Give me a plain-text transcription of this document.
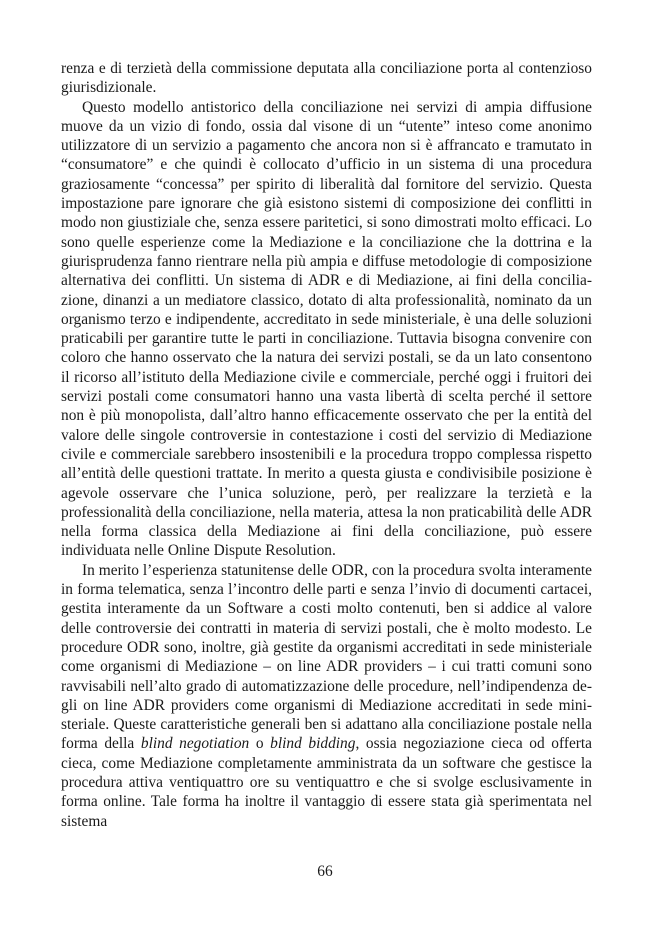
renza e di terzietà della commissione deputata alla conciliazione porta al contenzioso giurisdizionale.

Questo modello antistorico della conciliazione nei servizi di ampia diffusione muove da un vizio di fondo, ossia dal visone di un “utente” inteso come anonimo utilizzatore di un servizio a pagamento che ancora non si è affrancato e tramutato in “consumatore” e che quindi è collocato d’ufficio in un sistema di una procedura graziosamente “concessa” per spirito di liberalità dal fornitore del servizio. Questa impostazione pare ignorare che già esistono sistemi di composizione dei conflitti in modo non giustiziale che, senza essere paritetici, si sono dimostrati molto efficaci. Lo sono quelle esperienze come la Mediazione e la conciliazione che la dottrina e la giurisprudenza fanno rientrare nella più ampia e diffuse metodologie di composizione alternativa dei conflitti. Un sistema di ADR e di Mediazione, ai fini della conciliazione, dinanzi a un mediatore classico, dotato di alta professionalità, nominato da un organismo terzo e indipendente, accreditato in sede ministeriale, è una delle soluzioni praticabili per garantire tutte le parti in conciliazione. Tuttavia bisogna convenire con coloro che hanno osservato che la natura dei servizi postali, se da un lato consentono il ricorso all’istituto della Mediazione civile e commerciale, perché oggi i fruitori dei servizi postali come consumatori hanno una vasta libertà di scelta perché il settore non è più monopolista, dall’altro hanno efficacemente osservato che per la entità del valore delle singole controversie in contestazione i costi del servizio di Mediazione civile e commerciale sarebbero insostenibili e la procedura troppo complessa rispetto all’entità delle questioni trattate. In merito a questa giusta e condivisibile posizione è agevole osservare che l’unica soluzione, però, per realizzare la terzietà e la professionalità della conciliazione, nella materia, attesa la non praticabilità delle ADR nella forma classica della Mediazione ai fini della conciliazione, può essere individuata nelle Online Dispute Resolution.

In merito l’esperienza statunitense delle ODR, con la procedura svolta interamente in forma telematica, senza l’incontro delle parti e senza l’invio di documenti cartacei, gestita interamente da un Software a costi molto contenuti, ben si addice al valore delle controversie dei contratti in materia di servizi postali, che è molto modesto. Le procedure ODR sono, inoltre, già gestite da organismi accreditati in sede ministeriale come organismi di Mediazione – on line ADR providers – i cui tratti comuni sono ravvisabili nell’alto grado di automatizzazione delle procedure, nell’indipendenza degli on line ADR providers come organismi di Mediazione accreditati in sede ministeriale. Queste caratteristiche generali ben si adattano alla conciliazione postale nella forma della blind negotiation o blind bidding, ossia negoziazione cieca od offerta cieca, come Mediazione completamente amministrata da un software che gestisce la procedura attiva ventiquattro ore su ventiquattro e che si svolge esclusivamente in forma online. Tale forma ha inoltre il vantaggio di essere stata già sperimentata nel sistema

66
